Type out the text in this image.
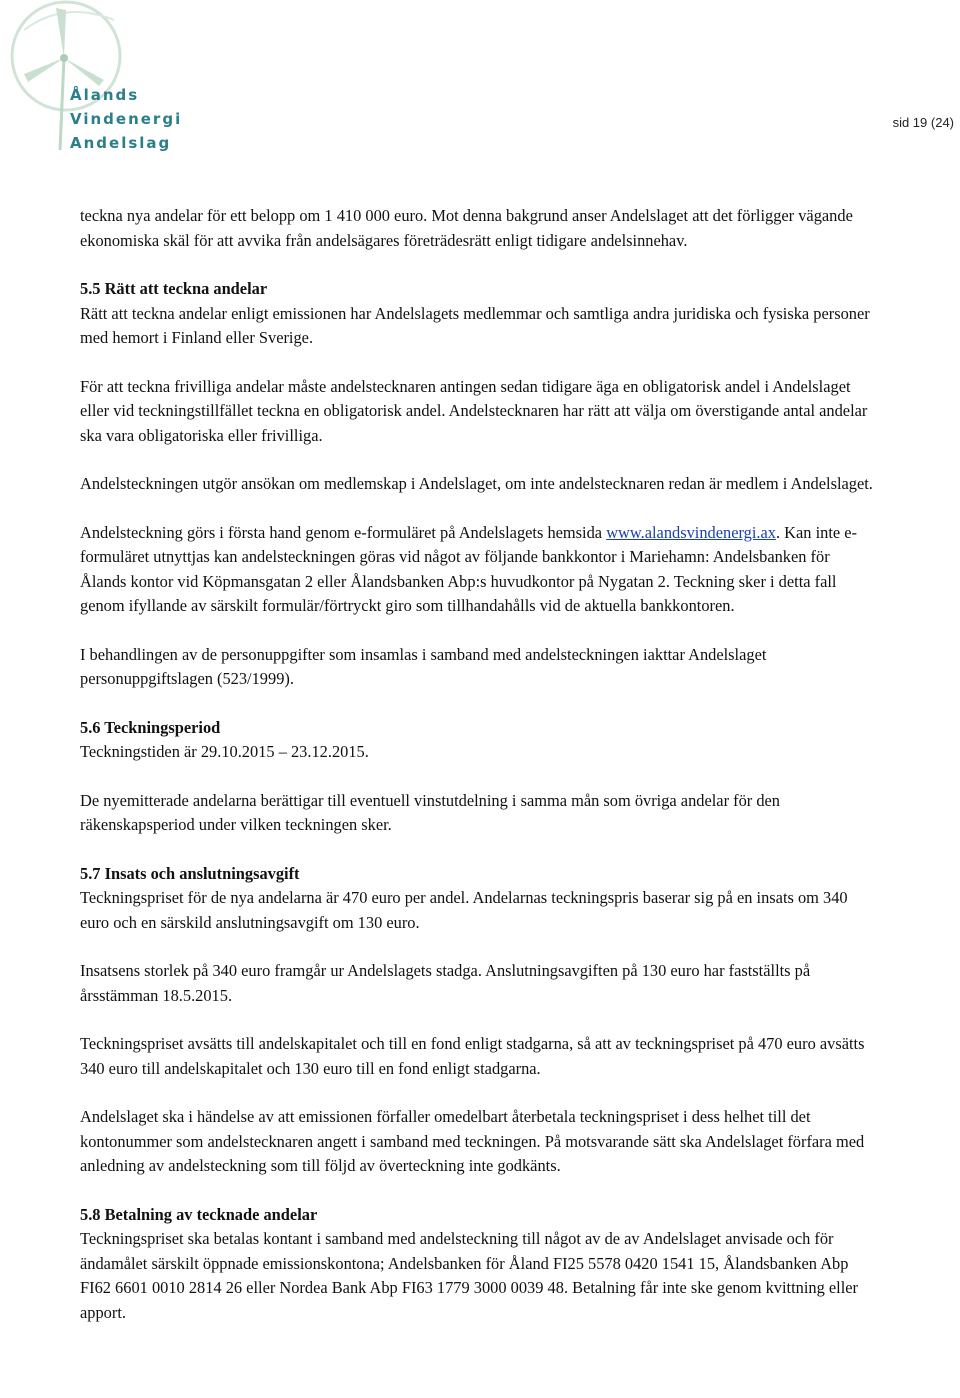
Ålands
Vindenergi
Andelslag
sid 19 (24)

teckna nya andelar för ett belopp om 1 410 000 euro. Mot denna bakgrund anser Andelslaget att det förligger vägande ekonomiska skäl för att avvika från andelsägares företrädesrätt enligt tidigare andelsinnehav.

5.5 Rätt att teckna andelar
Rätt att teckna andelar enligt emissionen har Andelslagets medlemmar och samtliga andra juridiska och fysiska personer med hemort i Finland eller Sverige.

För att teckna frivilliga andelar måste andelstecknaren antingen sedan tidigare äga en obligatorisk andel i Andelslaget eller vid teckningstillfället teckna en obligatorisk andel. Andelstecknaren har rätt att välja om överstigande antal andelar ska vara obligatoriska eller frivilliga.

Andelsteckningen utgör ansökan om medlemskap i Andelslaget, om inte andelstecknaren redan är medlem i Andelslaget.

Andelsteckning görs i första hand genom e-formuläret på Andelslagets hemsida www.alandsvindenergi.ax. Kan inte e-formuläret utnyttjas kan andelsteckningen göras vid något av följande bankkontor i Mariehamn: Andelsbanken för Ålands kontor vid Köpmansgatan 2 eller Ålandsbanken Abp:s huvudkontor på Nygatan 2. Teckning sker i detta fall genom ifyllande av särskilt formulär/förtryckt giro som tillhandahålls vid de aktuella bankkontoren.

I behandlingen av de personuppgifter som insamlas i samband med andelsteckningen iakttar Andelslaget personuppgiftslagen (523/1999).

5.6 Teckningsperiod
Teckningstiden är 29.10.2015 – 23.12.2015.

De nyemitterade andelarna berättigar till eventuell vinstutdelning i samma mån som övriga andelar för den räkenskapsperiod under vilken teckningen sker.

5.7 Insats och anslutningsavgift
Teckningspriset för de nya andelarna är 470 euro per andel. Andelarnas teckningspris baserar sig på en insats om 340 euro och en särskild anslutningsavgift om 130 euro.

Insatsens storlek på 340 euro framgår ur Andelslagets stadga. Anslutningsavgiften på 130 euro har fastställts på årsstämman 18.5.2015.

Teckningspriset avsätts till andelskapitalet och till en fond enligt stadgarna, så att av teckningspriset på 470 euro avsätts 340 euro till andelskapitalet och 130 euro till en fond enligt stadgarna.

Andelslaget ska i händelse av att emissionen förfaller omedelbart återbetala teckningspriset i dess helhet till det kontonummer som andelstecknaren angett i samband med teckningen. På motsvarande sätt ska Andelslaget förfara med anledning av andelsteckning som till följd av överteckning inte godkänts.

5.8 Betalning av tecknade andelar
Teckningspriset ska betalas kontant i samband med andelsteckning till något av de av Andelslaget anvisade och för ändamålet särskilt öppnade emissionskontona; Andelsbanken för Åland FI25 5578 0420 1541 15, Ålandsbanken Abp FI62 6601 0010 2814 26 eller Nordea Bank Abp FI63 1779 3000 0039 48. Betalning får inte ske genom kvittning eller apport.
